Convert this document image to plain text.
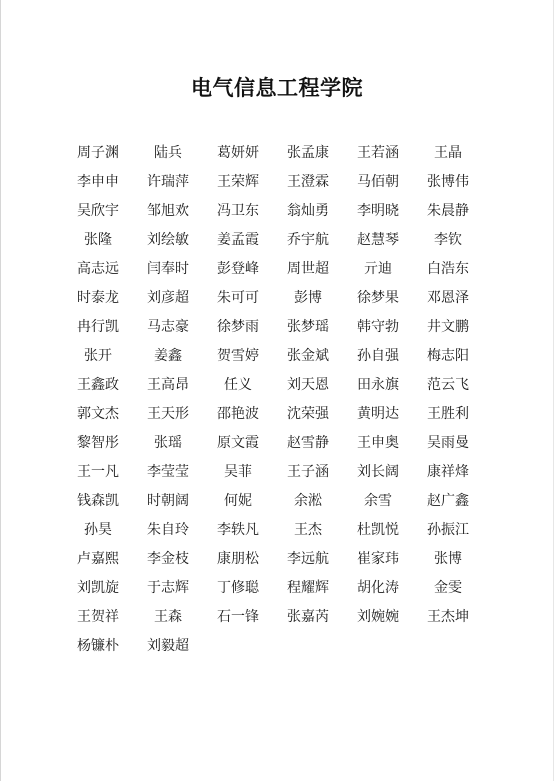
电气信息工程学院
周子渊	陆兵	葛妍妍 张孟康 王若涵	王晶
李申申 许瑞萍 王荣辉 王澄霖 马佰朝 张博伟
吴欣宇 邹旭欢 冯卫东 翁灿勇 李明晓 朱晨静
张隆	刘绘敏 姜孟霞 乔宇航 赵慧琴	李钦
高志远 闫奉时 彭登峰 周世超	亓迪	白浩东
时泰龙 刘彦超 朱可可	彭博	徐梦果 邓恩泽
冉行凯 马志豪 徐梦雨 张梦瑶 韩守勃 井文鹏
张开	姜鑫	贺雪婷 张金斌 孙自强 梅志阳
王鑫政 王高昂	任义	刘天恩 田永旗 范云飞
郭文杰 王天形 邵艳波 沈荣强 黄明达 王胜利
黎智彤	张瑶	原文霞 赵雪静 王申奥 吴雨曼
王一凡 李莹莹	吴菲	王子涵 刘长阔 康祥烽
钱森凯 时朝阔	何妮	余淞	余雪	赵广鑫
孙昊	朱自玲 李轶凡	王杰	杜凯悦 孙振江
卢嘉熙 李金枝 康朋松 李远航 崔家玮	张博
刘凯旋 于志辉 丁修聪 程耀辉 胡化涛	金雯
王贺祥	王森	石一锋 张嘉芮 刘婉婉 王杰坤
杨镰朴 刘毅超
